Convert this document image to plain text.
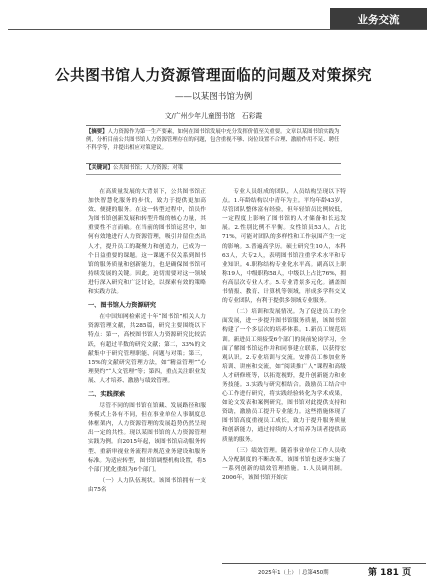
业务交流
公共图书馆人力资源管理面临的问题及对策探究
——以某图书馆为例
文/广州少年儿童图书馆　石彩霞
【摘要】人力资源作为第一生产要素，如何在图书馆发展中充分发挥价值至关重要。文章以某图书馆实践为例，分析目前公共图书馆人力资源管理存在的问题，包含重视不够、岗位设置不合理、激励作用不足、聘任不科学等，并提出相应对策建议。
【关键词】公共图书馆；人力资源；对策

在高质量发展的大背景下，公共图书馆正加快智慧化服务的步伐，致力于提供更加高效、便捷的服务。在这一转型过程中，馆员作为图书馆创新发展和转型升级的核心力量，其重要性不言而喻。在当前的图书馆运营中，如何有效地进行人力资源管理，吸引并留住杰出人才，提升员工的凝聚力和创造力，已成为一个日益重要的课题。这一课题不仅关系到图书馆的服务质量和创新能力，也是确保图书馆可持续发展的关键。因此，迫切需要对这一领域进行深入研究和广泛讨论，以探索有效的策略和实践方法。

一、图书馆人力资源研究

在中国知网检索近十年“图书馆”相关人力资源管理文献，共285篇，研究主要围绕以下特点：第一，高校图书馆人力资源研究比较活跃，有超过半数的研究文献；第二，33%的文献集中于研究管理职能、问题与对策；第三，15%的文献研究管理方法，如“精益管理”“心理契约”“人文管理”等；第四，重点关注职业发展、人才培养、激励与绩效管理。

二、实践探索

尽管不同的图书馆在馆藏、发展路径和服务模式上各有不同，但在事业单位人事制度总体框架内，人力资源管理的发展趋势仍然呈现出一定的共性。现以某图书馆的人力资源管理实践为例。自2015年起，该图书馆启动服务转型、重新审视业务流程并规范业务建设和服务标准。为适应转型，图书馆调整机构设置，将5个部门优化重组为6个部门。

（一）人力队伍现状。该图书馆拥有一支由75名

专业人员组成的团队，人员结构呈现以下特点。1.年龄结构以中青年为主。平均年龄43岁，尽管团队整体富有经验，但年轻馆员比例较低，一定程度上影响了图书馆的人才储备和长远发展。2.性别比例不平衡。女性馆员53人，占比71%，可能对团队的多样性和工作氛围产生一定的影响。3.普遍高学历。硕士研究生10人，本科63人，大专2人，表明图书馆注重学术水平和专业知识。4.职称结构专业化水平高。副高以上职称19人，中级职称58人，中级以上占比76%，拥有高层次专业人才。5.专业背景多元化。涵盖图书情报、教育、计算机等领域，形成多学科交叉的专业团队，有利于提供多领域专业服务。

（二）培训和发展情况。为了促进员工的全面发展，进一步提升图书馆服务质量，该图书馆构建了一个多层次的培养体系。1.新员工规范培训。新进员工须接受6个部门的岗前轮岗学习，全面了解图书馆运作并和同事建立联系，以获得宏观认识。2.专业培训与交流。安排员工参加业务培训、讲座和交流，如“阅读推广人”课程和高级人才研修班等，以拓宽视野，提升创新能力和业务技能。3.实践与研究相结合。鼓励员工结合中心工作进行研究，将实践经验转化为学术成果，如论文发表和案例研究，图书馆对此提供支持和资助，激励员工提升专业能力。这些措施体现了图书馆高度重视员工成长，致力于提升服务质量和创新能力，通过持续的人才培养为读者提供高质量的服务。

（三）绩效管理。随着事业单位工作人员收入分配制度的不断改革，该图书馆也逐步实施了一系列创新的绩效管理措施。1.人员调用制。2006年，该图书馆开始实

2025年1（上）｜总第450期	第 181 页
